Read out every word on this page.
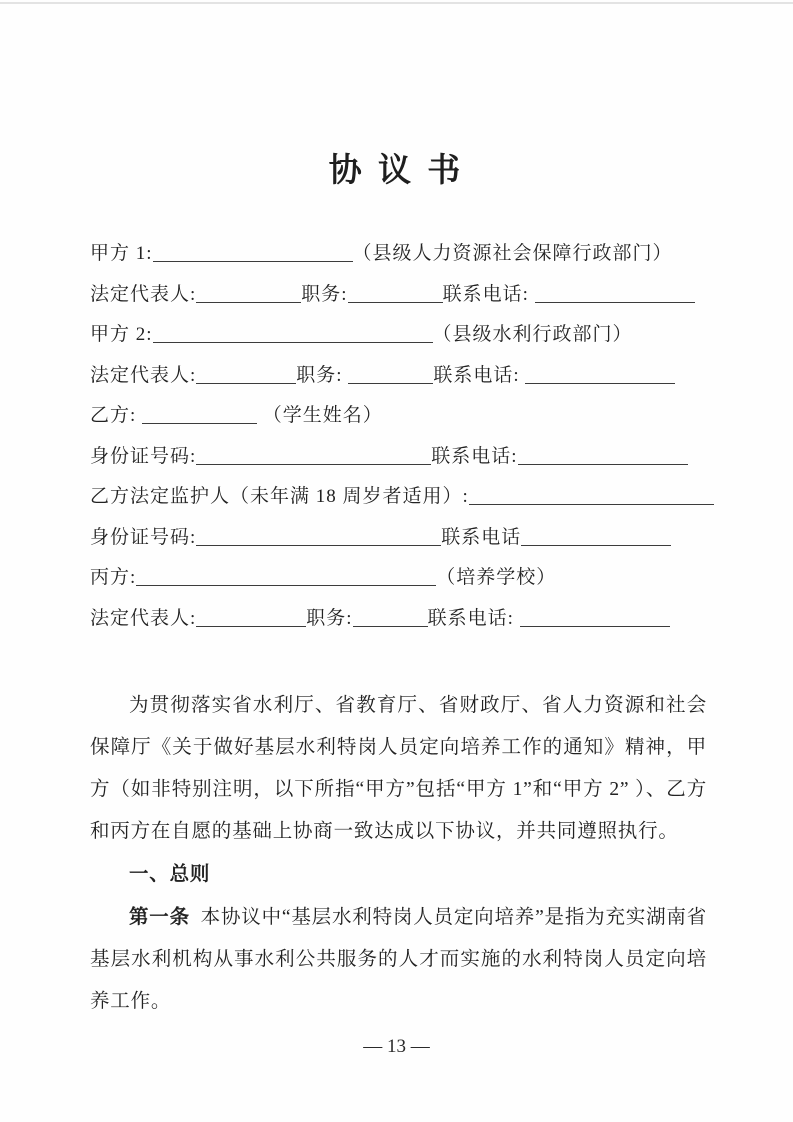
协 议 书
甲方 1:	（县级人力资源社会保障行政部门）
法定代表人:	职务:	联系电话:
甲方 2:	（县级水利行政部门）
法定代表人:	职务:	联系电话:
乙方:	（学生姓名）
身份证号码:	联系电话:
乙方法定监护人（未年满 18 周岁者适用）:
身份证号码:	联系电话
丙方:	（培养学校）
法定代表人:	职务:	联系电话:

为贯彻落实省水利厅、省教育厅、省财政厅、省人力资源和社会保障厅《关于做好基层水利特岗人员定向培养工作的通知》精神，甲方（如非特别注明，以下所指“甲方”包括“甲方 1”和“甲方 2” ）、乙方和丙方在自愿的基础上协商一致达成以下协议，并共同遵照执行。

一、总则

第一条 本协议中“基层水利特岗人员定向培养”是指为充实湖南省基层水利机构从事水利公共服务的人才而实施的水利特岗人员定向培养工作。

— 13 —
